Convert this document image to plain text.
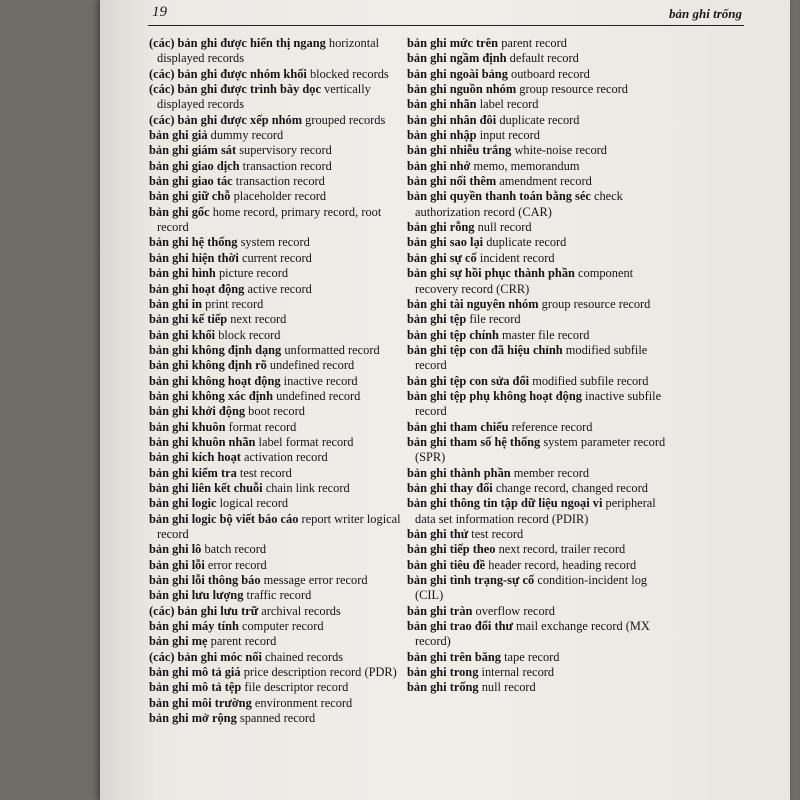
19	bản ghi trống

(các) bản ghi được hiển thị ngang horizontal displayed records

(các) bản ghi được nhóm khối blocked records

(các) bản ghi được trình bày dọc vertically displayed records

(các) bản ghi được xếp nhóm grouped records

bản ghi giả dummy record

bản ghi giám sát supervisory record

bản ghi giao dịch transaction record

bản ghi giao tác transaction record

bản ghi giữ chỗ placeholder record

bản ghi gốc home record, primary record, root record

bản ghi hệ thống system record

bản ghi hiện thời current record

bản ghi hình picture record

bản ghi hoạt động active record

bản ghi in print record

bản ghi kế tiếp next record

bản ghi khối block record

bản ghi không định dạng unformatted record

bản ghi không định rõ undefined record

bản ghi không hoạt động inactive record

bản ghi không xác định undefined record

bản ghi khởi động boot record

bản ghi khuôn format record

bản ghi khuôn nhãn label format record

bản ghi kích hoạt activation record

bản ghi kiểm tra test record

bản ghi liên kết chuỗi chain link record

bản ghi logic logical record

bản ghi logic bộ viết báo cáo report writer logical record

bản ghi lô batch record

bản ghi lỗi error record

bản ghi lỗi thông báo message error record

bản ghi lưu lượng traffic record

(các) bản ghi lưu trữ archival records

bản ghi máy tính computer record

bản ghi mẹ parent record

(các) bản ghi móc nối chained records

bản ghi mô tả giá price description record (PDR)

bản ghi mô tả tệp file descriptor record

bản ghi môi trường environment record

bản ghi mở rộng spanned record

bản ghi mức trên parent record

bản ghi ngầm định default record

bản ghi ngoài bảng outboard record

bản ghi nguồn nhóm group resource record

bản ghi nhãn label record

bản ghi nhân đôi duplicate record

bản ghi nhập input record

bản ghi nhiễu trắng white-noise record

bản ghi nhớ memo, memorandum

bản ghi nối thêm amendment record

bản ghi quyền thanh toán bằng séc check authorization record (CAR)

bản ghi rỗng null record

bản ghi sao lại duplicate record

bản ghi sự cố incident record

bản ghi sự hồi phục thành phần component recovery record (CRR)

bản ghi tài nguyên nhóm group resource record

bản ghi tệp file record

bản ghi tệp chính master file record

bản ghi tệp con đã hiệu chỉnh modified subfile record

bản ghi tệp con sửa đổi modified subfile record

bản ghi tệp phụ không hoạt động inactive subfile record

bản ghi tham chiếu reference record

bản ghi tham số hệ thống system parameter record (SPR)

bản ghi thành phần member record

bản ghi thay đổi change record, changed record

bản ghi thông tin tập dữ liệu ngoại vi peripheral data set information record (PDIR)

bản ghi thử test record

bản ghi tiếp theo next record, trailer record

bản ghi tiêu đề header record, heading record

bản ghi tình trạng-sự cố condition-incident log (CIL)

bản ghi tràn overflow record

bản ghi trao đổi thư mail exchange record (MX record)

bản ghi trên băng tape record

bản ghi trong internal record

bản ghi trống null record
